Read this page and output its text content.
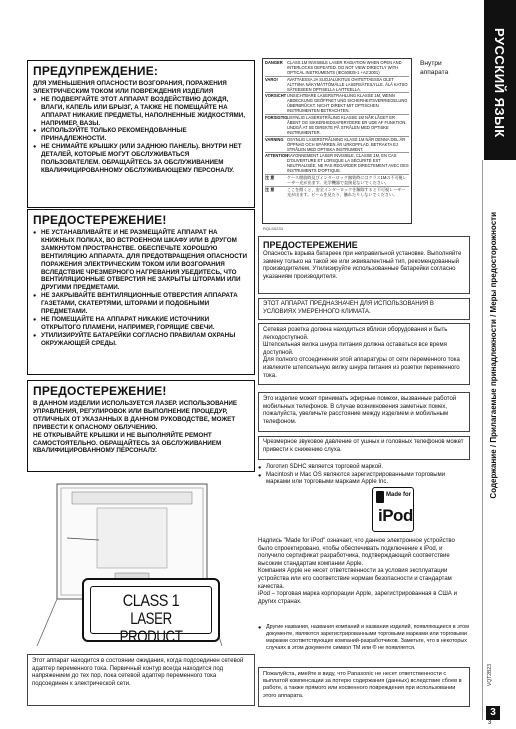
ПРЕДУПРЕЖДЕНИЕ:

ДЛЯ УМЕНЬШЕНИЯ ОПАСНОСТИ ВОЗГОРАНИЯ, ПОРАЖЕНИЯ ЭЛЕКТРИЧЕСКИМ ТОКОМ ИЛИ ПОВРЕЖДЕНИЯ ИЗДЕЛИЯ

● НЕ ПОДВЕРГАЙТЕ ЭТОТ АППАРАТ ВОЗДЕЙСТВИЮ ДОЖДЯ, ВЛАГИ, КАПЕЛЬ ИЛИ БРЫЗГ, А ТАКЖЕ НЕ ПОМЕЩАЙТЕ НА АППАРАТ НИКАКИЕ ПРЕДМЕТЫ, НАПОЛНЕННЫЕ ЖИДКОСТЯМИ, НАПРИМЕР, ВАЗЫ.
● ИСПОЛЬЗУЙТЕ ТОЛЬКО РЕКОМЕНДОВАННЫЕ ПРИНАДЛЕЖНОСТИ.
● НЕ СНИМАЙТЕ КРЫШКУ (ИЛИ ЗАДНЮЮ ПАНЕЛЬ). ВНУТРИ НЕТ ДЕТАЛЕЙ, КОТОРЫЕ МОГУТ ОБСЛУЖИВАТЬСЯ ПОЛЬЗОВАТЕЛЕМ. ОБРАЩАЙТЕСЬ ЗА ОБСЛУЖИВАНИЕМ КВАЛИФИЦИРОВАННОМУ ОБСЛУЖИВАЮЩЕМУ ПЕРСОНАЛУ.
ПРЕДОСТЕРЕЖЕНИЕ!
● НЕ УСТАНАВЛИВАЙТЕ И НЕ РАЗМЕЩАЙТЕ АППАРАТ НА КНИЖНЫХ ПОЛКАХ, ВО ВСТРОЕННОМ ШКАФУ ИЛИ В ДРУГОМ ЗАМКНУТОМ ПРОСТРАНСТВЕ. ОБЕСПЕЧЬТЕ ХОРОШУЮ ВЕНТИЛЯЦИЮ АППАРАТА. ДЛЯ ПРЕДОТВРАЩЕНИЯ ОПАСНОСТИ ПОРАЖЕНИЯ ЭЛЕКТРИЧЕСКИМ ТОКОМ ИЛИ ВОЗГОРАНИЯ ВСЛЕДСТВИЕ ЧРЕЗМЕРНОГО НАГРЕВАНИЯ УБЕДИТЕСЬ, ЧТО ВЕНТИЛЯЦИОННЫЕ ОТВЕРСТИЯ НЕ ЗАКРЫТЫ ШТОРАМИ ИЛИ ДРУГИМИ ПРЕДМЕТАМИ.
● НЕ ЗАКРЫВАЙТЕ ВЕНТИЛЯЦИОННЫЕ ОТВЕРСТИЯ АППАРАТА ГАЗЕТАМИ, СКАТЕРТЯМИ, ШТОРАМИ И ПОДОБНЫМИ ПРЕДМЕТАМИ.
● НЕ ПОМЕЩАЙТЕ НА АППАРАТ НИКАКИЕ ИСТОЧНИКИ ОТКРЫТОГО ПЛАМЕНИ, НАПРИМЕР, ГОРЯЩИЕ СВЕЧИ.
● УТИЛИЗИРУЙТЕ БАТАРЕЙКИ СОГЛАСНО ПРАВИЛАМ ОХРАНЫ ОКРУЖАЮЩЕЙ СРЕДЫ.
ПРЕДОСТЕРЕЖЕНИЕ!

В ДАННОМ ИЗДЕЛИИ ИСПОЛЬЗУЕТСЯ ЛАЗЕР. ИСПОЛЬЗОВАНИЕ УПРАВЛЕНИЯ, РЕГУЛИРОВОК ИЛИ ВЫПОЛНЕНИЕ ПРОЦЕДУР, ОТЛИЧНЫХ ОТ УКАЗАННЫХ В ДАННОМ РУКОВОДСТВЕ, МОЖЕТ ПРИВЕСТИ К ОПАСНОМУ ОБЛУЧЕНИЮ.

НЕ ОТКРЫВАЙТЕ КРЫШКИ И НЕ ВЫПОЛНЯЙТЕ РЕМОНТ САМОСТОЯТЕЛЬНО. ОБРАЩАЙТЕСЬ ЗА ОБСЛУЖИВАНИЕМ КВАЛИФИЦИРОВАННОМУ ПЕРСОНАЛУ.

CLASS 1
LASER PRODUCT

Этот аппарат находится в состоянии ожидания, когда подсоединен сетевой адаптер переменного тока. Первичный контур всегда находится под напряжением до тех пор, пока сетевой адаптер переменного тока подсоединен к электрической сети.

DANGER	CLASS 1M INVISIBLE LASER RADIATION WHEN OPEN AND INTERLOCKS DEFEATED. DO NOT VIEW DIRECTLY WITH OPTICAL INSTRUMENTS (IEC60825-1 +A2:2001)
VARO!	AVATTAESSA JA SUOJALUKITUS OHITETTAESSA OLET ALTTIINA NÄKYMÄTTÖMÄLLE LASERSÄTEILYLLE. ÄLÄ KATSO SÄTEESEEN OPTISELLA LAITTEELLA.
VORSICHT UNSICHTBARE LASERSTRAHLUNG KLASSE 1M, WENN ABDECKUNG GEÖFFNET UND SICHERHEITSVERRIEGELUNG ÜBERBRÜCKT. NICHT DIREKT MIT OPTISCHEN INSTRUMENTEN BETRACHTEN.
FORSIGTIG USYNLIG LASERSTRÅLING KLASSE 1M NÅR LÅGET ER ÅBENT OG SIKKERHEDSAFBRYDERE ER UDE AF FUNKTION. UNDGÅ AT SE DIREKTE PÅ STRÅLEN MED OPTISKE INSTRUMENTER.
VARNING OSYNLIG LASERSTRÅLNING KLASS 1M NÄR DENNA DEL ÄR ÖPPNAD OCH SPÄRREN ÄR URKOPPLAD. BETRAKTA EJ STRÅLEN MED OPTISKA INSTRUMENT.
ATTENTION
RAYONNEMENT LASER INVISIBLE, CLASSE 1M, EN CAS D'OUVERTURE ET LORSQUE LA SÉCURITÉ EST NEUTRALISÉE. NE PAS REGARDER DIRECTEMENT AVEC DES INSTRUMENTS D'OPTIQUE.
注 意	ケース開放時及びインターロック無効時にはクラス1Mの不可視レーザー光が出ます。光学機器で直接見ないでください。
注 意	ここを開くと、安全インターロックを解除すると不可視レーザー光が出ます。ビームを見たり、触れたりしないでください。
RQLS0233
Внутри аппарата
ПРЕДОСТЕРЕЖЕНИЕ

Опасность взрыва батареек при неправильной установке. Выполняйте замену только на такой же или эквивалентный тип, рекомендованный производителем. Утилизируйте использованные батарейки согласно указаниям производителя.

ЭТОТ АППАРАТ ПРЕДНАЗНАЧЕН ДЛЯ ИСПОЛЬЗОВАНИЯ В УСЛОВИЯХ УМЕРЕННОГО КЛИМАТА.

Сетевая розетка должна находиться вблизи оборудования и быть легкодоступной.

Штепсельная вилка шнура питания должна оставаться все время доступной.

Для полного отсоединения этой аппаратуры от сети переменного тока извлеките штепсельную вилку шнура питания из розетки переменного тока.

Это изделие может принимать эфирные помехи, вызванные работой мобильных телефонов. В случае возникновения заметных помех, пожалуйста, увеличьте расстояние между изделием и мобильным телефоном.

Чрезмерное звуковое давление от ушных и головных телефонов может привести к снижению слуха.

● Логотип SDHC является торговой маркой.
● Macintosh и Mac OS являются зарегистрированными торговыми марками или торговыми марками Apple Inc.
Made for
iPod

Надпись "Made for iPod" означает, что данное электронное устройство было спроектировано, чтобы обеспечивать подключение к iPod, и получило сертификат разработчика, подтверждающий соответствие высоким стандартам компании Apple.

Компания Apple не несет ответственности за условия эксплуатации устройства или его соответствие нормам безопасности и стандартам качества.

iPod – торговая марка корпорации Apple, зарегистрированная в США и других странах.

● Другие названия, названия компаний и названия изделий, появляющиеся в этом документе, являются зарегистрированными торговыми марками или торговыми марками соответствующих компаний-разработчиков. Заметьте, что в некоторых случаях в этом документе символ TM или ® не появляется.

Пожалуйста, имейте в виду, что Panasonic не несет ответственности с выплатой компенсации за потерю содержания (данных) вследствие сбоев в работе, а также прямого или косвенного повреждения при использовании этого аппарата.

РУССКИЙ ЯЗЫК
Содержание / Прилагаемые принадлежности / Меры предосторожности
VQT2B23
3
3
